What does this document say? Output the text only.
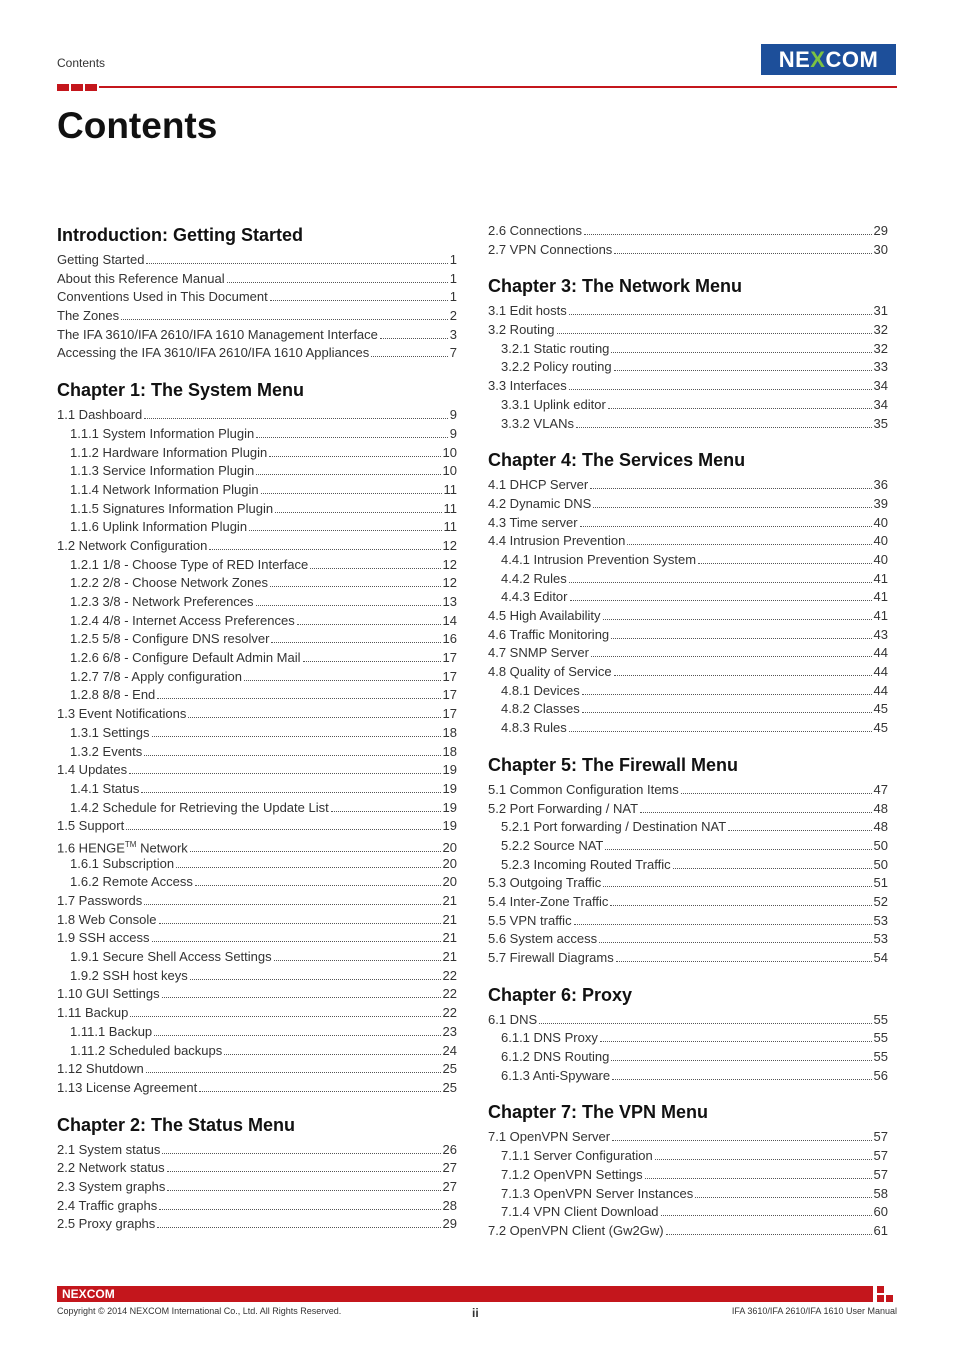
Contents	NE X COM
Contents
Introduction: Getting Started
Getting Started	1
About this Reference Manual	1
Conventions Used in This Document	1
The Zones	2
The IFA 3610/IFA 2610/IFA 1610 Management Interface	3
Accessing the IFA 3610/IFA 2610/IFA 1610 Appliances	7
Chapter 1: The System Menu
1.1 Dashboard	9
1.1.1 System Information Plugin	9
1.1.2 Hardware Information Plugin	10
1.1.3 Service Information Plugin	10
1.1.4 Network Information Plugin	11
1.1.5 Signatures Information Plugin	11
1.1.6 Uplink Information Plugin	11
1.2 Network Configuration	12
1.2.1 1/8 - Choose Type of RED Interface	12
1.2.2 2/8 - Choose Network Zones	12
1.2.3 3/8 - Network Preferences	13
1.2.4 4/8 - Internet Access Preferences	14
1.2.5 5/8 - Configure DNS resolver	16
1.2.6 6/8 - Configure Default Admin Mail	17
1.2.7 7/8 - Apply configuration	17
1.2.8 8/8 - End	17
1.3 Event Notifications	17
1.3.1 Settings	18
1.3.2 Events	18
1.4 Updates	19
1.4.1 Status	19
1.4.2 Schedule for Retrieving the Update List	19
1.5 Support	19
1.6 HENGE™ Network	20
1.6.1 Subscription	20
1.6.2 Remote Access	20
1.7 Passwords	21
1.8 Web Console	21
1.9 SSH access	21
1.9.1 Secure Shell Access Settings	21
1.9.2 SSH host keys	22
1.10 GUI Settings	22
1.11 Backup	22
1.11.1 Backup	23
1.11.2 Scheduled backups	24
1.12 Shutdown	25
1.13 License Agreement	25
Chapter 2: The Status Menu
2.1 System status	26
2.2 Network status	27
2.3 System graphs	27
2.4 Traffic graphs	28
2.5 Proxy graphs	29
2.6 Connections	29
2.7 VPN Connections	30
Chapter 3: The Network Menu
3.1 Edit hosts	31
3.2 Routing	32
3.2.1 Static routing	32
3.2.2 Policy routing	33
3.3 Interfaces	34
3.3.1 Uplink editor	34
3.3.2 VLANs	35
Chapter 4: The Services Menu
4.1 DHCP Server	36
4.2 Dynamic DNS	39
4.3 Time server	40
4.4 Intrusion Prevention	40
4.4.1 Intrusion Prevention System	40
4.4.2 Rules	41
4.4.3 Editor	41
4.5 High Availability	41
4.6 Traffic Monitoring	43
4.7 SNMP Server	44
4.8 Quality of Service	44
4.8.1 Devices	44
4.8.2 Classes	45
4.8.3 Rules	45
Chapter 5: The Firewall Menu
5.1 Common Configuration Items	47
5.2 Port Forwarding / NAT	48
5.2.1 Port forwarding / Destination NAT	48
5.2.2 Source NAT	50
5.2.3 Incoming Routed Traffic	50
5.3 Outgoing Traffic	51
5.4 Inter-Zone Traffic	52
5.5 VPN traffic	53
5.6 System access	53
5.7 Firewall Diagrams	54
Chapter 6: Proxy
6.1 DNS	55
6.1.1 DNS Proxy	55
6.1.2 DNS Routing	55
6.1.3 Anti-Spyware	56
Chapter 7: The VPN Menu
7.1 OpenVPN Server	57
7.1.1 Server Configuration	57
7.1.2 OpenVPN Settings	57
7.1.3 OpenVPN Server Instances	58
7.1.4 VPN Client Download	60
7.2 OpenVPN Client (Gw2Gw)	61
NEXCOM
Copyright © 2014 NEXCOM International Co., Ltd. All Rights Reserved.	ii	IFA 3610/IFA 2610/IFA 1610 User Manual
